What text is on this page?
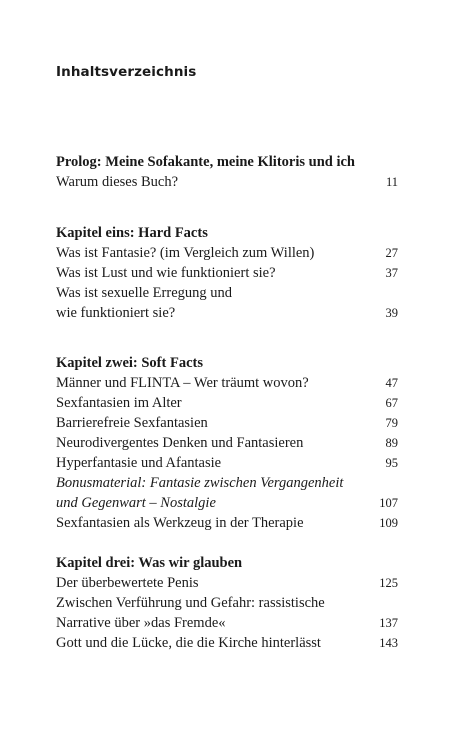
Inhaltsverzeichnis
Prolog: Meine Sofakante, meine Klitoris und ich
Warum dieses Buch?	11
Kapitel eins: Hard Facts
Was ist Fantasie? (im Vergleich zum Willen)	27
Was ist Lust und wie funktioniert sie?	37
Was ist sexuelle Erregung und
wie funktioniert sie?	39
Kapitel zwei: Soft Facts
Männer und FLINTA – Wer träumt wovon?	47
Sexfantasien im Alter	67
Barrierefreie Sexfantasien	79
Neurodivergentes Denken und Fantasieren	89
Hyperfantasie und Afantasie	95
Bonusmaterial: Fantasie zwischen Vergangenheit
und Gegenwart – Nostalgie	107
Sexfantasien als Werkzeug in der Therapie	109
Kapitel drei: Was wir glauben
Der überbewertete Penis	125
Zwischen Verführung und Gefahr: rassistische
Narrative über »das Fremde«	137
Gott und die Lücke, die die Kirche hinterlässt	143
